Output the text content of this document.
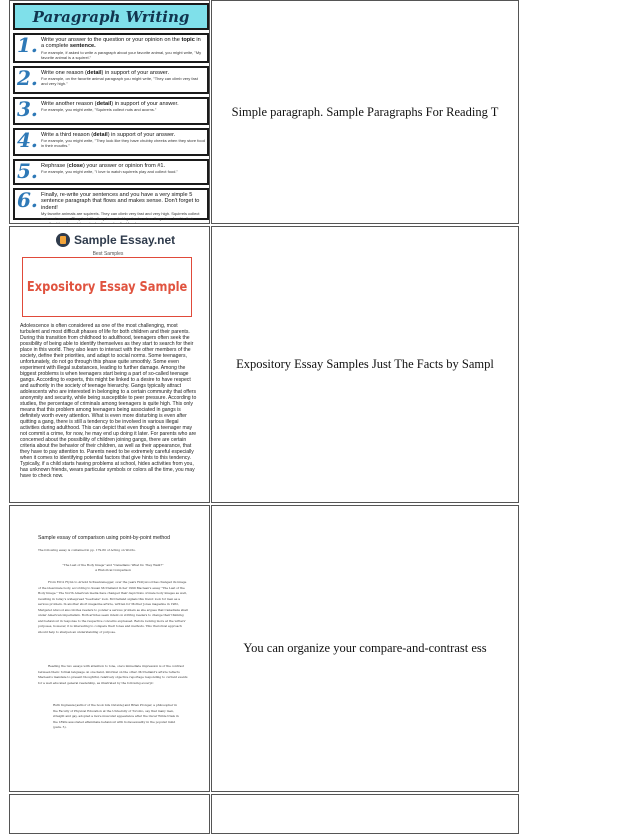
Paragraph Writing
1. Write your answer to the question or your opinion on the topic in a complete sentence.
For example, if asked to write a paragraph about your favorite animal, you might write, "My favorite animal is a squirrel."
2. Write one reason (detail) in support of your answer.
For example, on the favorite animal paragraph you might write, "They can climb very fast and very high."
3. Write another reason (detail) in support of your answer.
For example, you might write, "Squirrels collect nuts and acorns."
4. Write a third reason (detail) in support of your answer.
For example, you might write, "They look like they have chubby cheeks when they store food in their mouths."
5. Rephrase (close) your answer or opinion from #1.
For example, you might write, "I love to watch squirrels play and collect food."
6. Finally, re-write your sentences and you have a very simple 5 sentence paragraph that flows and makes sense. Don't forget to indent!
My favorite animals are squirrels. They can climb very fast and very high. Squirrels collect nuts and acorns. They look like they have chubby cheeks when they store food in their mouths. I love to watch squirrels play and collect food.
Simple paragraph. Sample Paragraphs For Reading T
Sample Essay.net
Best Samples
Expository Essay Sample
Adolescence is often considered as one of the most challenging, most turbulent and most difficult phases of life for both children and their parents. During this transition from childhood to adulthood, teenagers often seek the possibility of being able to identify themselves as they start to search for their place in this world. They also learn to interact with the other members of the society, define their priorities, and adapt to social norms. Some teenagers, unfortunately, do not go through this phase quite smoothly. Some even experiment with illegal substances, leading to further damage. Among the biggest problems is when teenagers start being a part of so-called teenage gangs. According to experts, this might be linked to a desire to have respect and authority in the society of teenage hierarchy. Gangs typically attract adolescents who are interested in belonging to a certain community that offers anonymity and security, while being susceptible to peer pressure. According to studies, the percentage of criminals among teenagers is quite high. This only means that this problem among teenagers being associated in gangs is definitely worth every attention. What is even more disturbing is even after quitting a gang, there is still a tendency to be involved in various illegal activities during adulthood. This can depict that even though a teenager may not commit a crime, for now, he may end up doing it later. For parents who are concerned about the possibility of children joining gangs, there are certain criteria about the behavior of their children, as well as their appearance, that they have to pay attention to. Parents need to be extremely careful especially when it comes to identifying potential factors that give hints to this tendency. Typically, if a child starts having problems at school, hides activities from you, has unknown friends, wears particular symbols or colors all the time, you may have to check now.
Expository Essay Samples Just The Facts by Sampl
Sample essay of comparison using point-by-point method
The following essay is contained in pp. 179-80 of Acting on Words.
"The Last of the Body Image" and "Canadians: What Do They Want?"
A Historical Comparison
From Errol Flynn to Arnold Schwarzenegger, over the years Hollywood has changed its image of the ideal male body, according to Susan McClelland in her 1999 Maclean's essay "The Last of the Body Image." The North American media have changed their depictions of male body images as well, resulting in today's widespread "beefcake" look. McClelland signals this trend: look for men as a serious problem. In another short magazine article, written for Mother Jones magazine in 1982, Margaret Atwood also invites readers to ponder a serious problem as she argues that Canadians shall under American imperialism. Both articles seem intent on stirring readers to change their thinking and behaviour in response to the respective concerns expressed. Before looking more at the writers' purposes, however, it is interesting to compare their tones and methods. This rhetorical approach should help to sharpen an understanding of purpose.
Reading the two essays with attention to tone, one's immediate impression is of the contrast between them: formal language on one hand, informal on the other. McClelland's article reflects Maclean's mandate to present thoughtful, relatively objective reportage responding to current events for a well educated general readership, as illustrated by the following excerpt:
Ruth Ingrassia [author of the book Life Outside] and Brian Pronger, a philosopher in the Faculty of Physical Education at the University of Toronto, say that many men, straight and gay, adopted a more muscular appearance after the Oscar Wilde trials in the 1890s associated effeminate behaviour with homosexuality in the popular mind (para. 5).
You can organize your compare-and-contrast ess
